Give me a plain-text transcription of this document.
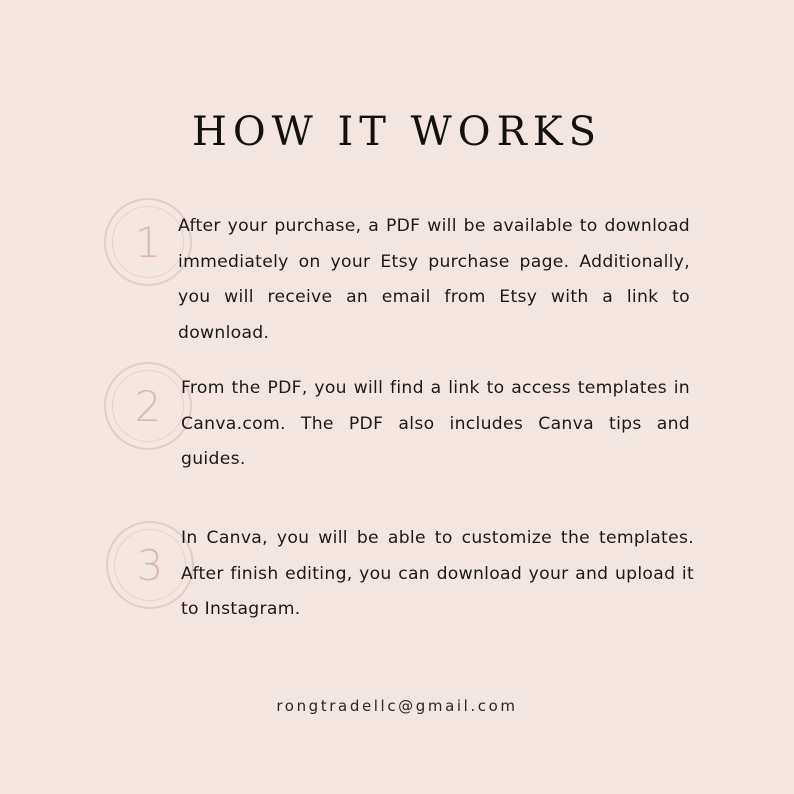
HOW IT WORKS
1 After your purchase, a PDF will be available to download immediately on your Etsy purchase page. Additionally, you will receive an email from Etsy with a link to download.

2	From the PDF, you will find a link to access templates in Canva.com. The PDF also includes Canva tips and guides.

3

In Canva, you will be able to customize the templates. After finish editing, you can download your and upload it to Instagram.

rongtradellc@gmail.com
